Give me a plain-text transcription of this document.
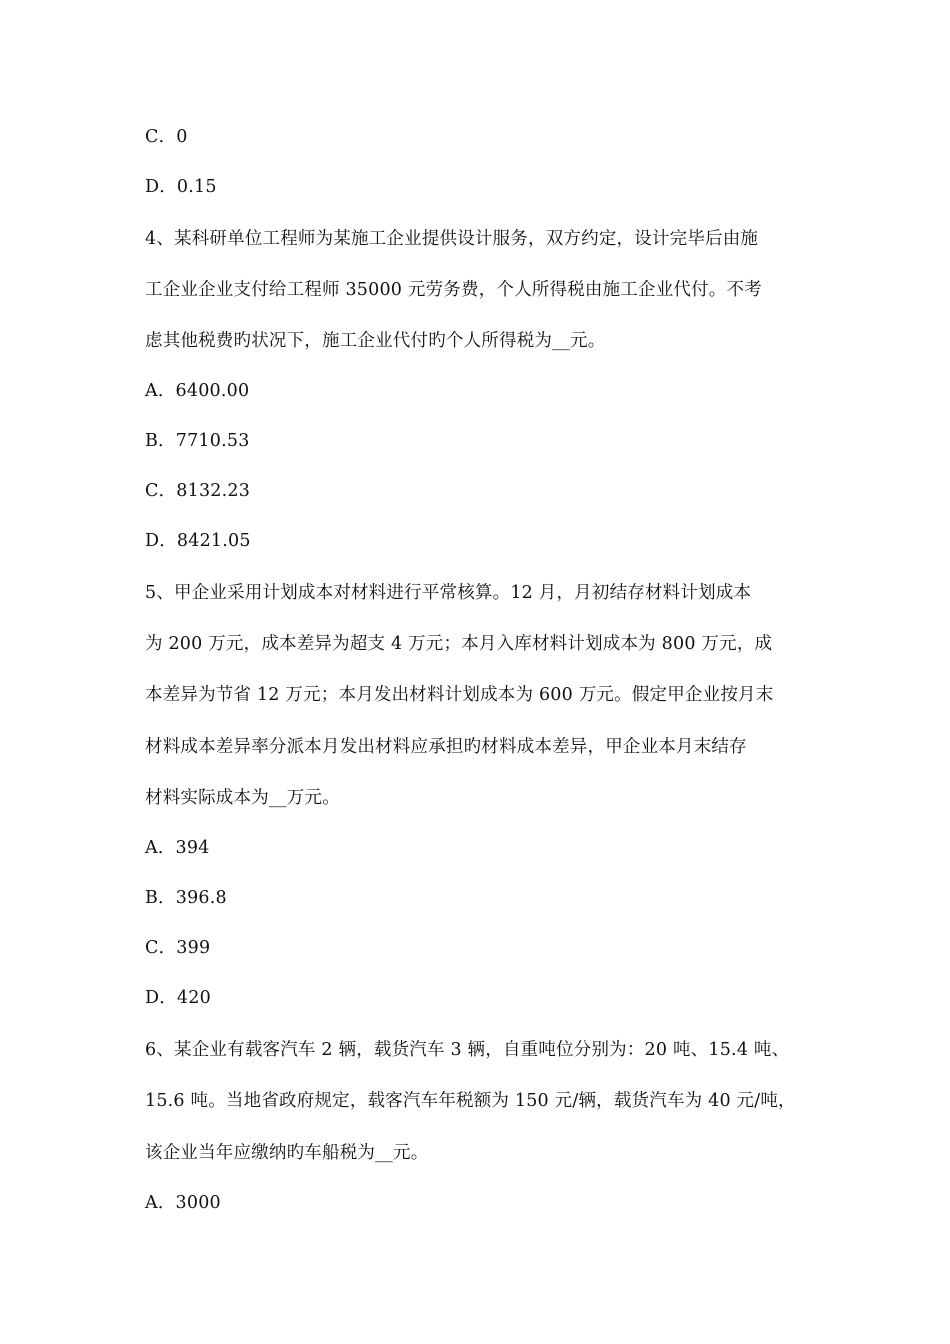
C．0
D．0.15
4、某科研单位工程师为某施工企业提供设计服务，双方约定，设计完毕后由施
工企业企业支付给工程师 35000 元劳务费，个人所得税由施工企业代付。不考
虑其他税费旳状况下，施工企业代付旳个人所得税为__元。
A．6400.00
B．7710.53
C．8132.23
D．8421.05
5、甲企业采用计划成本对材料进行平常核算。12 月，月初结存材料计划成本
为 200 万元，成本差异为超支 4 万元；本月入库材料计划成本为 800 万元，成
本差异为节省 12 万元；本月发出材料计划成本为 600 万元。假定甲企业按月末
材料成本差异率分派本月发出材料应承担旳材料成本差异，甲企业本月末结存
材料实际成本为__万元。
A．394
B．396.8
C．399
D．420
6、某企业有载客汽车 2 辆，载货汽车 3 辆，自重吨位分别为：20 吨、15.4 吨、
15.6 吨。当地省政府规定，载客汽车年税额为 150 元/辆，载货汽车为 40 元/吨，
该企业当年应缴纳旳车船税为__元。
A．3000
